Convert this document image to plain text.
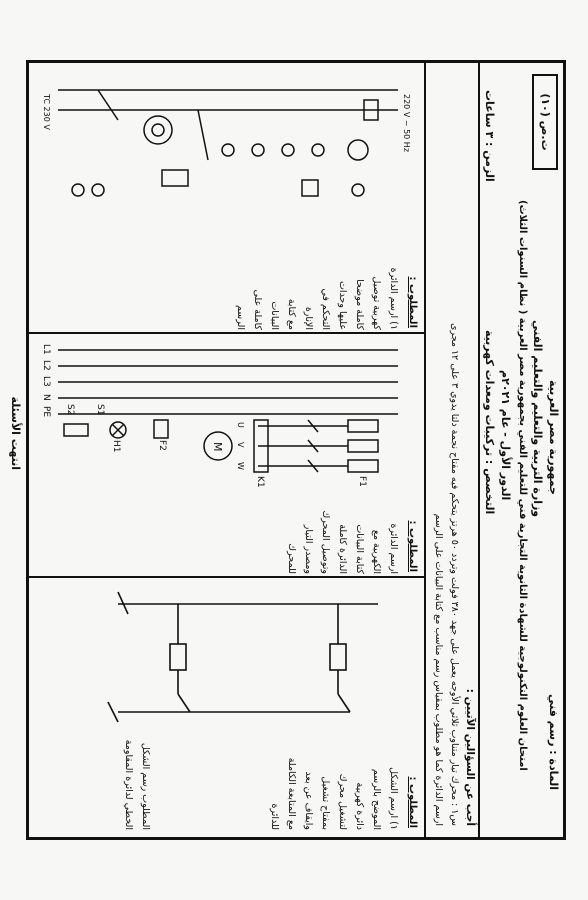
ت.ص (١٠)
المادة : رسم فني
جمهورية مصر العربية
وزارة التربية والتعليم والتعليم الفني
امتحان العلوم التكنولوجية للشهادة الثانوية التجارية فني للتعليم الفني بجمهورية مصر العربية ( نظام السنوات الثلاث)
الدور الأول - عام ٢٠٢١م
التخصص : تركيبات ومعدات كهربية
الزمن : ٣ ساعات
أجب عن السؤالين الآتيين :
س١ : محرك تيار متناوب ثلاثي الأوجه يعمل على جهد ٣٨٠ فولت وتردد ٥٠ هرتز يتحكم فيه مفتاح نجمة دلتا يدوي ٣ على ١٢ مجرى
ارسم الدائرة كما هو مطلوب بمقياس رسم مناسب مع كتابة البيانات على الرسم
المطلوب :
١) ارسم الشكل
الموضح بالرسم
دائرة كهربية
لتشغيل محرك
بمفتاح تشغيل
وايقاف عن بعد
مع المتابعة الكاملة
للدائرة
المطلوب رسم الشكل
الخطي لدائرة المقاومة
المطلوب :
ارسم الدائرة
الكهربية مع
كتابة البيانات
الدائرة كاملة
وتوصيل المحرك
ومصدر التيار
للمحرك
L1
L2
L3
N
PE
F1
F2
K1
S1
S2
H1	M
U
V
W
المطلوب :
١) ارسم الدائرة
كهربية توصيل
كاملة موضحا
عليها وحدات
التحكم في
الإنارة
مع كتابة
البيانات
كاملة على
الرسم
220 V ~ 50 Hz
TC 230 V
انتهت الأسئلة
